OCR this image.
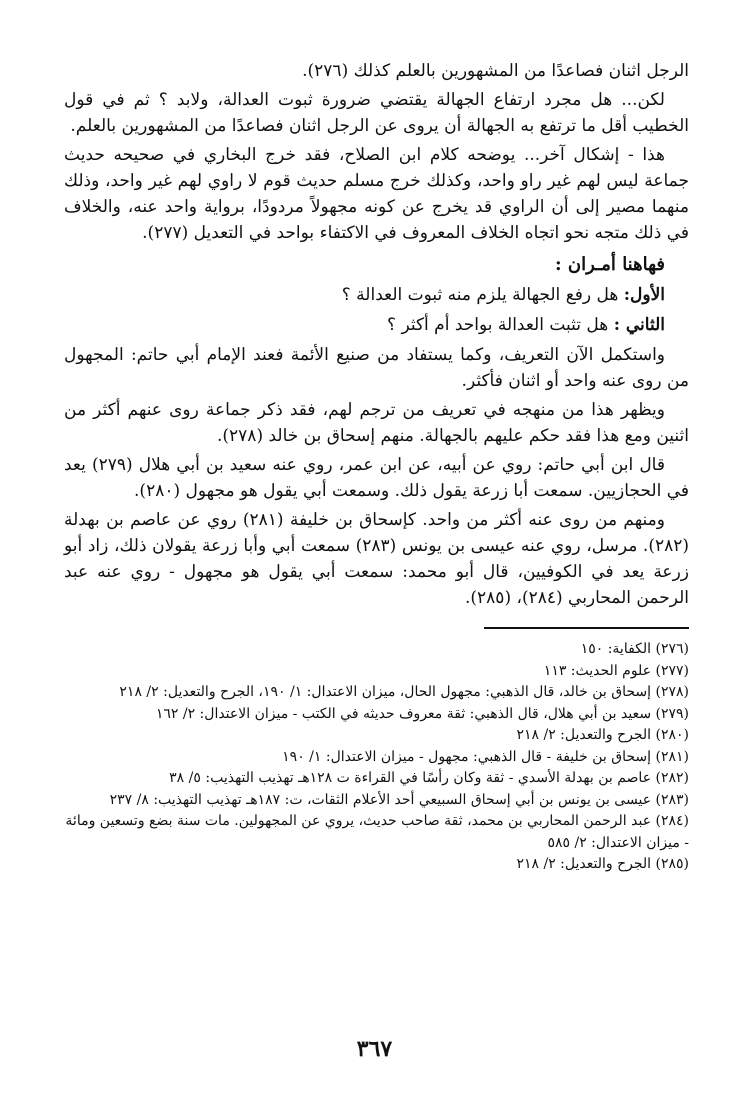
الرجل اثنان فصاعدًا من المشهورين بالعلم كذلك (٢٧٦).

لكن... هل مجرد ارتفاع الجهالة يقتضي ضرورة ثبوت العدالة، ولابد ؟ ثم في قول الخطيب أقل ما ترتفع به الجهالة أن يروى عن الرجل اثنان فصاعدًا من المشهورين بالعلم.

هذا - إشكال آخر... يوضحه كلام ابن الصلاح، فقد خرج البخاري في صحيحه حديث جماعة ليس لهم غير راو واحد، وكذلك خرج مسلم حديث قوم لا راوي لهم غير واحد، وذلك منهما مصير إلى أن الراوي قد يخرج عن كونه مجهولاً مردودًا، برواية واحد عنه، والخلاف في ذلك متجه نحو اتجاه الخلاف المعروف في الاكتفاء بواحد في التعديل (٢٧٧).

فهاهنا أمـران :

الأول: هل رفع الجهالة يلزم منه ثبوت العدالة ؟

الثاني : هل تثبت العدالة بواحد أم أكثر ؟

واستكمل الآن التعريف، وكما يستفاد من صنيع الأئمة فعند الإمام أبي حاتم: المجهول من روى عنه واحد أو اثنان فأكثر.

ويظهر هذا من منهجه في تعريف من ترجم لهم، فقد ذكر جماعة روى عنهم أكثر من اثنين ومع هذا فقد حكم عليهم بالجهالة. منهم إسحاق بن خالد (٢٧٨).

قال ابن أبي حاتم: روي عن أبيه، عن ابن عمر، روي عنه سعيد بن أبي هلال (٢٧٩) يعد في الحجازيين. سمعت أبا زرعة يقول ذلك. وسمعت أبي يقول هو مجهول (٢٨٠).

ومنهم من روى عنه أكثر من واحد. كإسحاق بن خليفة (٢٨١) روي عن عاصم بن بهدلة (٢٨٢). مرسل، روي عنه عيسى بن يونس (٢٨٣) سمعت أبي وأبا زرعة يقولان ذلك، زاد أبو زرعة يعد في الكوفيين، قال أبو محمد: سمعت أبي يقول هو مجهول - روي عنه عبد الرحمن المحاربي (٢٨٤)، (٢٨٥).

(٢٧٦) الكفاية: ١٥٠

(٢٧٧) علوم الحديث: ١١٣

(٢٧٨) إسحاق بن خالد، قال الذهبي: مجهول الحال، ميزان الاعتدال: ١/ ١٩٠، الجرح والتعديل: ٢/ ٢١٨

(٢٧٩) سعيد بن أبي هلال، قال الذهبي: ثقة معروف حديثه في الكتب - ميزان الاعتدال: ٢/ ١٦٢

(٢٨٠) الجرح والتعديل: ٢/ ٢١٨

(٢٨١) إسحاق بن خليفة - قال الذهبي: مجهول - ميزان الاعتدال: ١/ ١٩٠

(٢٨٢) عاصم بن بهدلة الأسدي - ثقة وكان رأسًا في القراءة ت ١٢٨هـ تهذيب التهذيب: ٥/ ٣٨

(٢٨٣) عيسى بن يونس بن أبي إسحاق السبيعي أحد الأعلام الثقات، ت: ١٨٧هـ تهذيب التهذيب: ٨/ ٢٣٧

(٢٨٤) عبد الرحمن المحاربي بن محمد، ثقة صاحب حديث، يروي عن المجهولين. مات سنة بضع وتسعين ومائة - ميزان الاعتدال: ٢/ ٥٨٥

(٢٨٥) الجرح والتعديل: ٢/ ٢١٨

٣٦٧
